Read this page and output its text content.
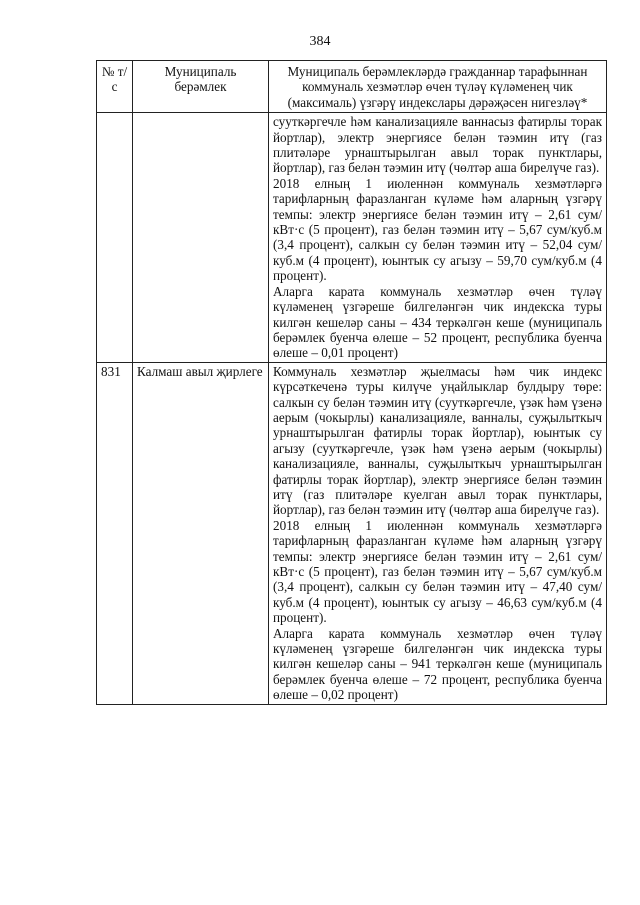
384
№ т/с	Муниципаль берәмлек	Муниципаль берәмлекләрдә гражданнар тарафыннан коммуналь хезмәтләр өчен түләү күләменең чик (максималь) үзгәрү индекслары дәрәҗәсен нигезләү*

		сууткәргечле һәм канализацияле ваннасыз фатирлы торак йортлар), электр энергиясе белән тәэмин итү (газ плитәләре урнаштырылган авыл торак пунктлары, йортлар), газ белән тәэмин итү (чөлтәр аша бирелүче газ).

2018 елның 1 июленнән коммуналь хезмәтләргә тарифларның фаразланган күләме һәм аларның үзгәрү темпы: электр энергиясе белән тәэмин итү – 2,61 сум/кВт·с (5 процент), газ белән тәэмин итү – 5,67 сум/куб.м (3,4 процент), салкын су белән тәэмин итү – 52,04 сум/куб.м (4 процент), юынтык су агызу – 59,70 сум/куб.м (4 процент).

Аларга карата коммуналь хезмәтләр өчен түләү күләменең үзгәреше билгеләнгән чик индекска туры килгән кешеләр саны – 434 теркәлгән кеше (муниципаль берәмлек буенча өлеше – 52 процент, республика буенча өлеше – 0,01 процент)

831	Калмаш авыл җирлеге	Коммуналь хезмәтләр җыелмасы һәм чик индекс күрсәткеченә туры килүче уңайлыклар булдыру төре: салкын су белән тәэмин итү (сууткәргечле, үзәк һәм үзенә аерым (чокырлы) канализацияле, ванналы, суҗылыткыч урнаштырылган фатирлы торак йортлар), юынтык су агызу (сууткәргечле, үзәк һәм үзенә аерым (чокырлы) канализацияле, ванналы, суҗылыткыч урнаштырылган фатирлы торак йортлар), электр энергиясе белән тәэмин итү (газ плитәләре куелган авыл торак пунктлары, йортлар), газ белән тәэмин итү (чөлтәр аша бирелүче газ).

2018 елның 1 июленнән коммуналь хезмәтләргә тарифларның фаразланган күләме һәм аларның үзгәрү темпы: электр энергиясе белән тәэмин итү – 2,61 сум/кВт·с (5 процент), газ белән тәэмин итү – 5,67 сум/куб.м (3,4 процент), салкын су белән тәэмин итү – 47,40 сум/куб.м (4 процент), юынтык су агызу – 46,63 сум/куб.м (4 процент).

Аларга карата коммуналь хезмәтләр өчен түләү күләменең үзгәреше билгеләнгән чик индекска туры килгән кешеләр саны – 941 теркәлгән кеше (муниципаль берәмлек буенча өлеше – 72 процент, республика буенча өлеше – 0,02 процент)
